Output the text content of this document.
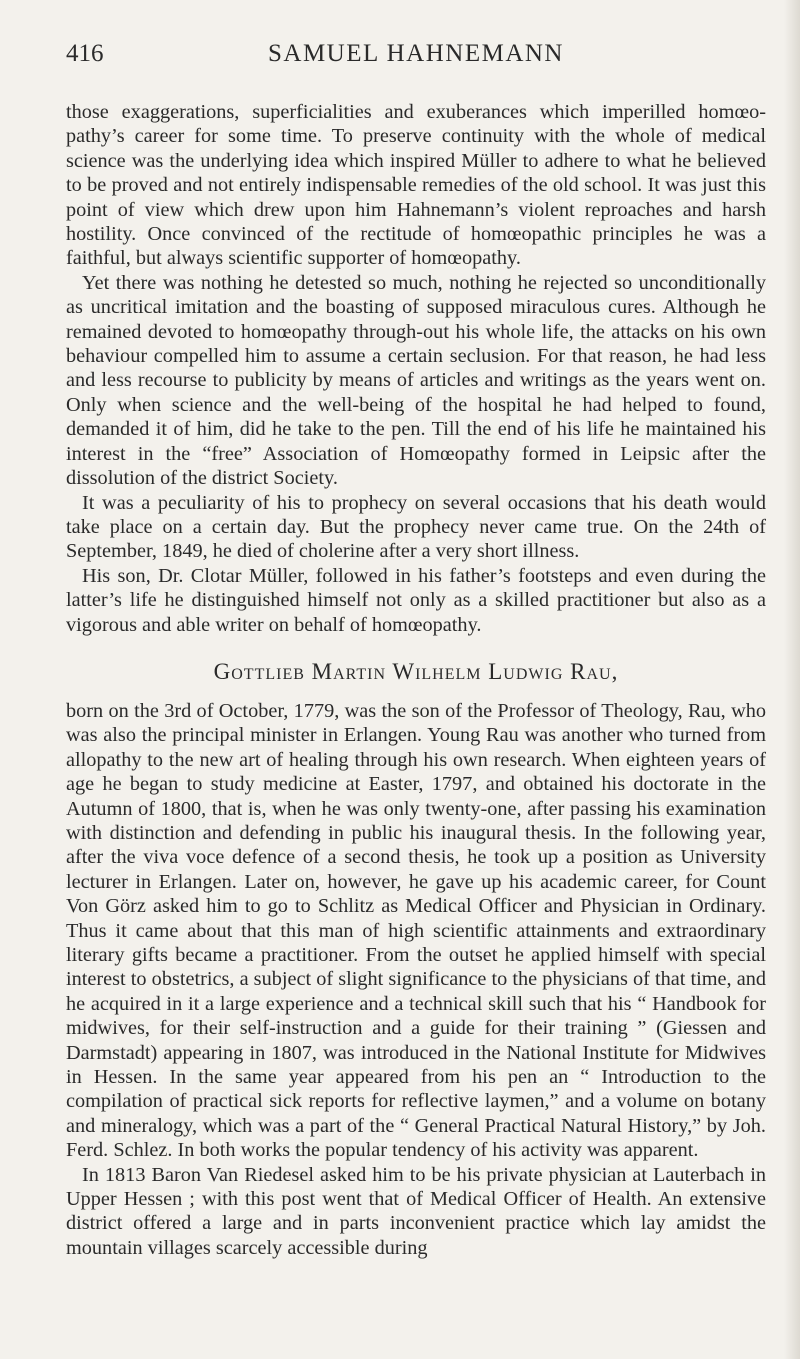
416	SAMUEL HAHNEMANN

those exaggerations, superficialities and exuberances which imperilled homœo-pathy’s career for some time. To preserve continuity with the whole of medical science was the underlying idea which inspired Müller to adhere to what he believed to be proved and not entirely indispensable remedies of the old school. It was just this point of view which drew upon him Hahnemann’s violent reproaches and harsh hostility. Once convinced of the rectitude of homœopathic principles he was a faithful, but always scientific supporter of homœopathy.

Yet there was nothing he detested so much, nothing he rejected so unconditionally as uncritical imitation and the boasting of supposed miraculous cures. Although he remained devoted to homœopathy through-out his whole life, the attacks on his own behaviour compelled him to assume a certain seclusion. For that reason, he had less and less recourse to publicity by means of articles and writings as the years went on. Only when science and the well-being of the hospital he had helped to found, demanded it of him, did he take to the pen. Till the end of his life he maintained his interest in the “free” Association of Homœopathy formed in Leipsic after the dissolution of the district Society.

It was a peculiarity of his to prophecy on several occasions that his death would take place on a certain day. But the prophecy never came true. On the 24th of September, 1849, he died of cholerine after a very short illness.

His son, Dr. Clotar Müller, followed in his father’s footsteps and even during the latter’s life he distinguished himself not only as a skilled practitioner but also as a vigorous and able writer on behalf of homœopathy.

Gottlieb Martin Wilhelm Ludwig Rau,

born on the 3rd of October, 1779, was the son of the Professor of Theology, Rau, who was also the principal minister in Erlangen. Young Rau was another who turned from allopathy to the new art of healing through his own research. When eighteen years of age he began to study medicine at Easter, 1797, and obtained his doctorate in the Autumn of 1800, that is, when he was only twenty-one, after passing his examination with distinction and defending in public his inaugural thesis. In the following year, after the viva voce defence of a second thesis, he took up a position as University lecturer in Erlangen. Later on, however, he gave up his academic career, for Count Von Görz asked him to go to Schlitz as Medical Officer and Physician in Ordinary. Thus it came about that this man of high scientific attainments and extraordinary literary gifts became a practitioner. From the outset he applied himself with special interest to obstetrics, a subject of slight significance to the physicians of that time, and he acquired in it a large experience and a technical skill such that his “ Handbook for midwives, for their self-instruction and a guide for their training ” (Giessen and Darmstadt) appearing in 1807, was introduced in the National Institute for Midwives in Hessen. In the same year appeared from his pen an “ Introduction to the compilation of practical sick reports for reflective laymen,” and a volume on botany and mineralogy, which was a part of the “ General Practical Natural History,” by Joh. Ferd. Schlez. In both works the popular tendency of his activity was apparent.

In 1813 Baron Van Riedesel asked him to be his private physician at Lauterbach in Upper Hessen ; with this post went that of Medical Officer of Health. An extensive district offered a large and in parts inconvenient practice which lay amidst the mountain villages scarcely accessible during
